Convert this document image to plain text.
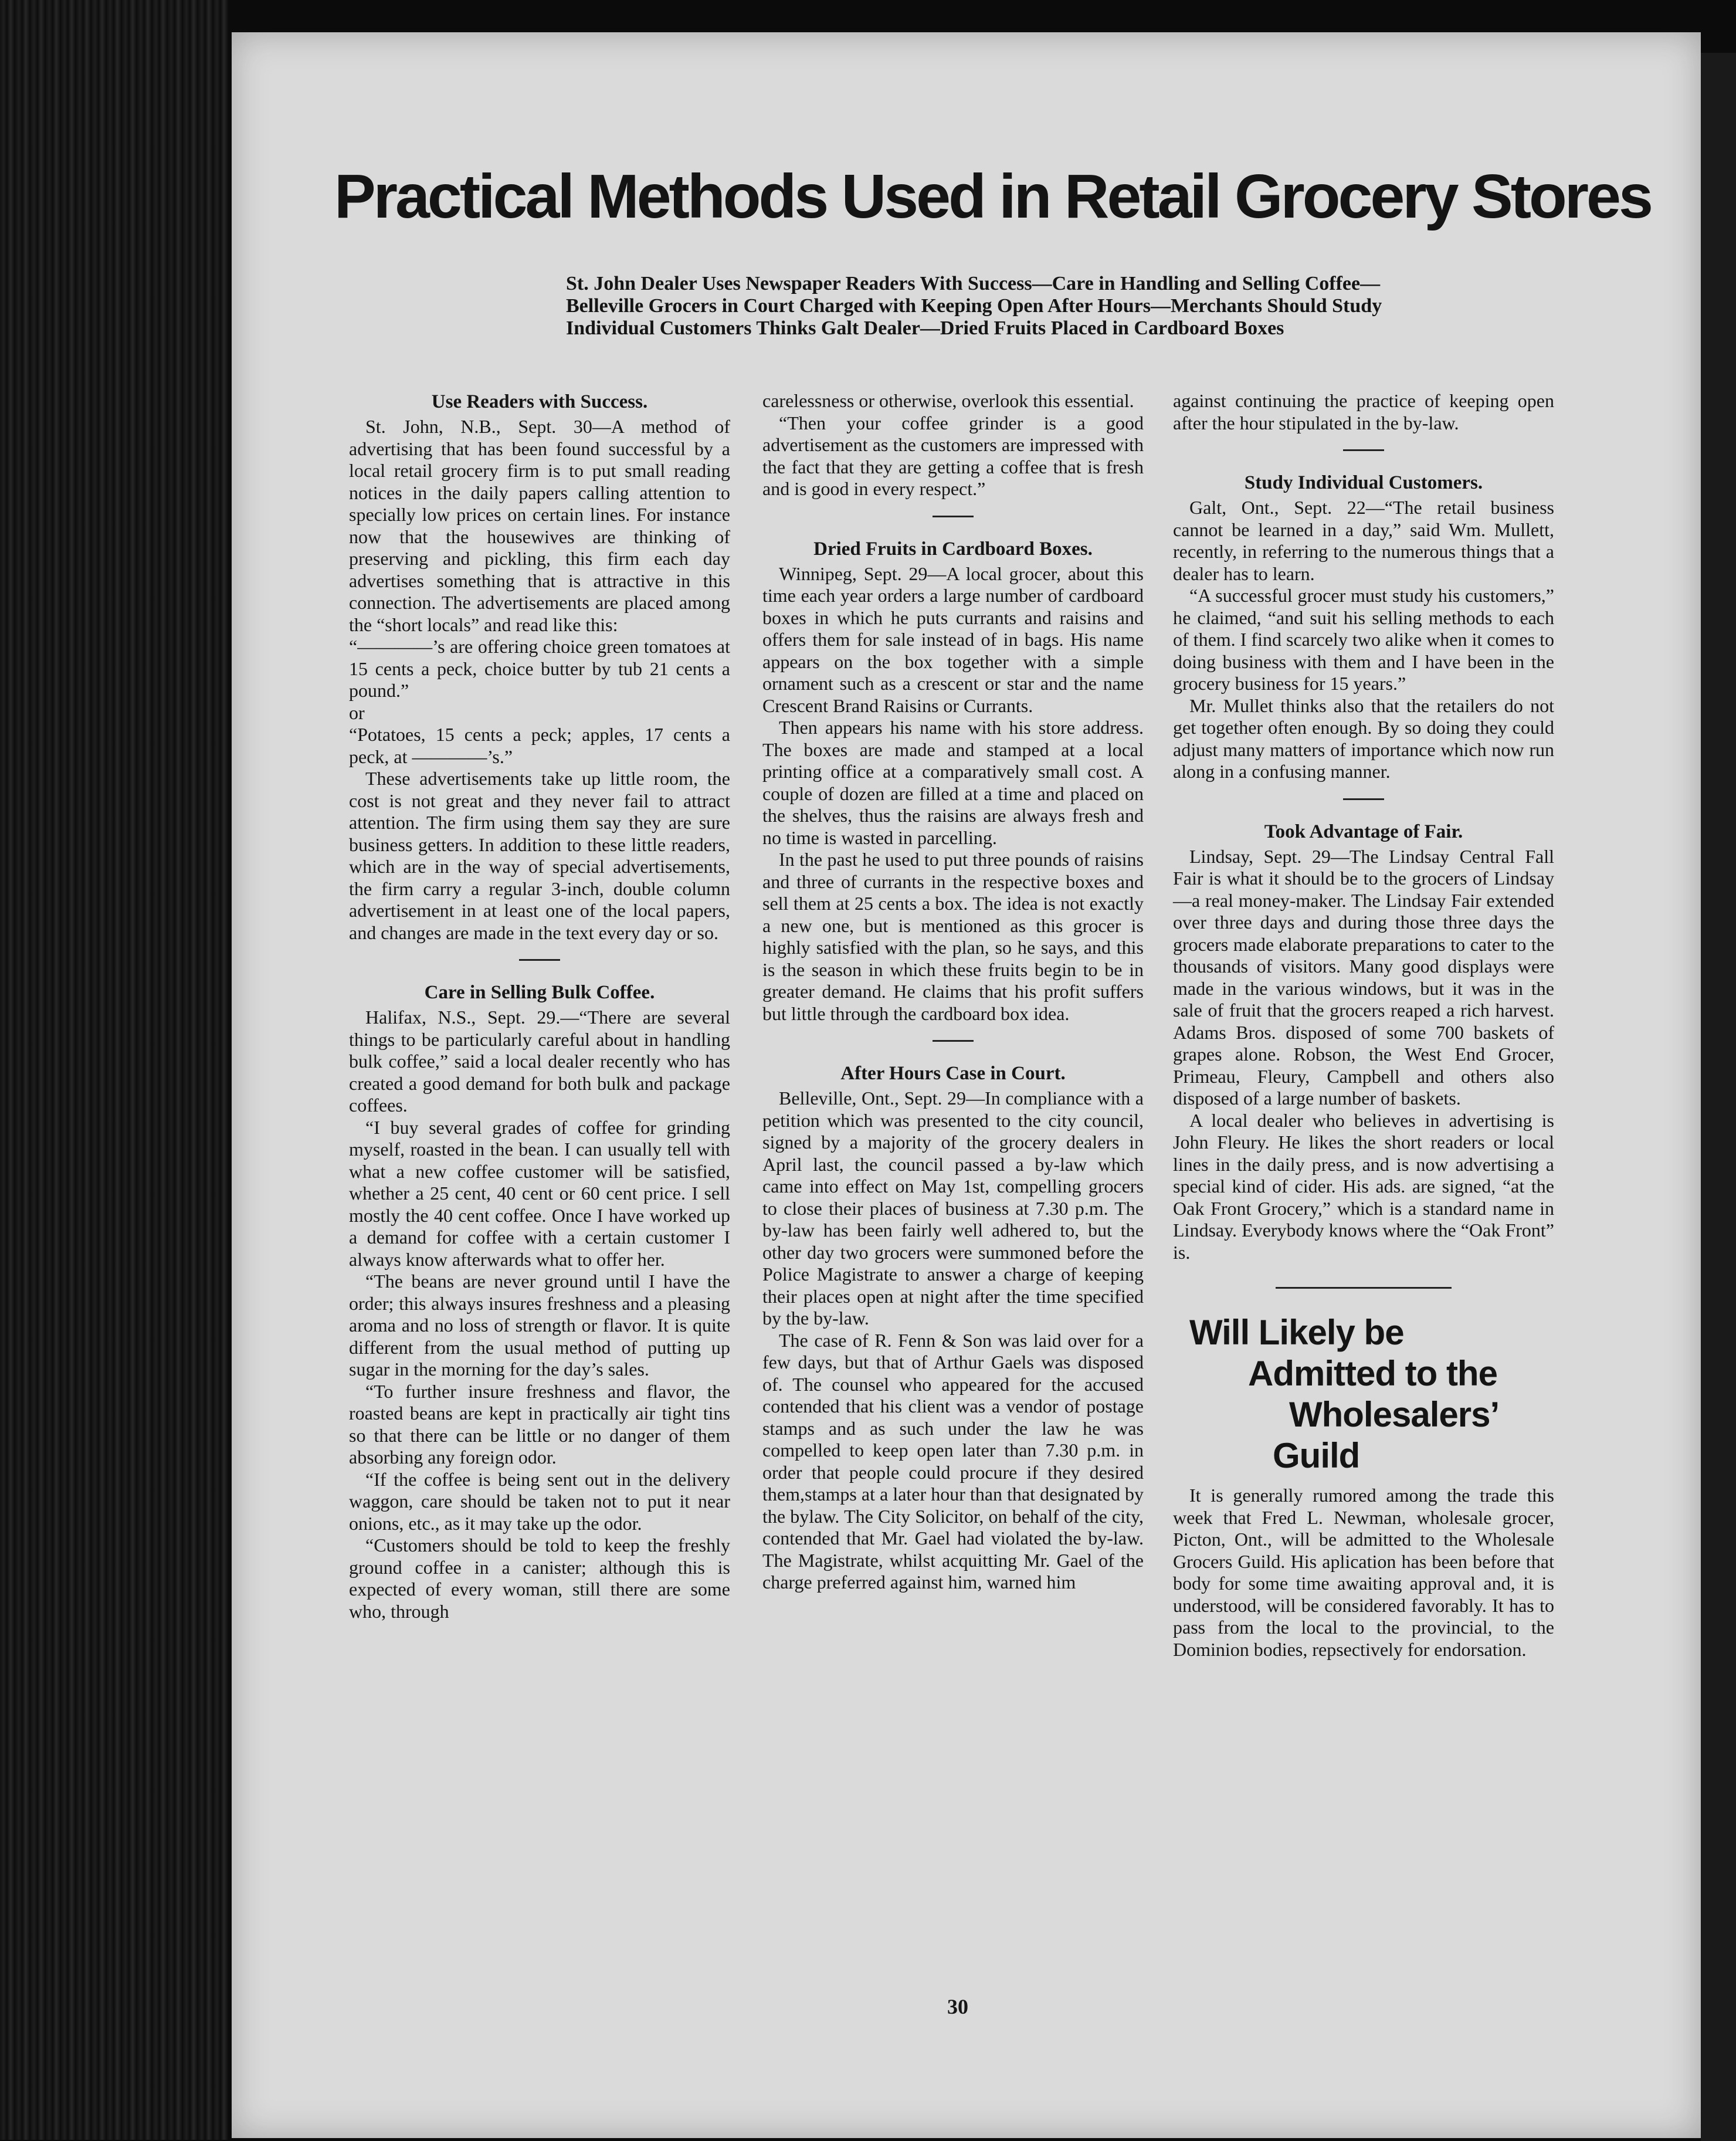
Practical Methods Used in Retail Grocery Stores

St. John Dealer Uses Newspaper Readers With Success—Care in Handling and Selling Coffee—Belleville Grocers in Court Charged with Keeping Open After Hours—Merchants Should Study Individual Customers Thinks Galt Dealer—Dried Fruits Placed in Cardboard Boxes

Use Readers with Success.

St. John, N.B., Sept. 30—A method of advertising that has been found successful by a local retail grocery firm is to put small reading notices in the daily papers calling attention to specially low prices on certain lines. For instance now that the housewives are thinking of preserving and pickling, this firm each day advertises something that is attractive in this connection. The advertisements are placed among the “short locals” and read like this:

“————’s are offering choice green tomatoes at 15 cents a peck, choice butter by tub 21 cents a pound.”

or

“Potatoes, 15 cents a peck; apples, 17 cents a peck, at ————’s.”

These advertisements take up little room, the cost is not great and they never fail to attract attention. The firm using them say they are sure business getters. In addition to these little readers, which are in the way of special advertisements, the firm carry a regular 3-inch, double column advertisement in at least one of the local papers, and changes are made in the text every day or so.

Care in Selling Bulk Coffee.

Halifax, N.S., Sept. 29.—“There are several things to be particularly careful about in handling bulk coffee,” said a local dealer recently who has created a good demand for both bulk and package coffees.

“I buy several grades of coffee for grinding myself, roasted in the bean. I can usually tell with what a new coffee customer will be satisfied, whether a 25 cent, 40 cent or 60 cent price. I sell mostly the 40 cent coffee. Once I have worked up a demand for coffee with a certain customer I always know afterwards what to offer her.

“The beans are never ground until I have the order; this always insures freshness and a pleasing aroma and no loss of strength or flavor. It is quite different from the usual method of putting up sugar in the morning for the day’s sales.

“To further insure freshness and flavor, the roasted beans are kept in practically air tight tins so that there can be little or no danger of them absorbing any foreign odor.

“If the coffee is being sent out in the delivery waggon, care should be taken not to put it near onions, etc., as it may take up the odor.

“Customers should be told to keep the freshly ground coffee in a canister; although this is expected of every woman, still there are some who, through

carelessness or otherwise, overlook this essential.

“Then your coffee grinder is a good advertisement as the customers are impressed with the fact that they are getting a coffee that is fresh and is good in every respect.”

Dried Fruits in Cardboard Boxes.

Winnipeg, Sept. 29—A local grocer, about this time each year orders a large number of cardboard boxes in which he puts currants and raisins and offers them for sale instead of in bags. His name appears on the box together with a simple ornament such as a crescent or star and the name Crescent Brand Raisins or Currants.

Then appears his name with his store address. The boxes are made and stamped at a local printing office at a comparatively small cost. A couple of dozen are filled at a time and placed on the shelves, thus the raisins are always fresh and no time is wasted in parcelling.

In the past he used to put three pounds of raisins and three of currants in the respective boxes and sell them at 25 cents a box. The idea is not exactly a new one, but is mentioned as this grocer is highly satisfied with the plan, so he says, and this is the season in which these fruits begin to be in greater demand. He claims that his profit suffers but little through the cardboard box idea.

After Hours Case in Court.

Belleville, Ont., Sept. 29—In compliance with a petition which was presented to the city council, signed by a majority of the grocery dealers in April last, the council passed a by-law which came into effect on May 1st, compelling grocers to close their places of business at 7.30 p.m. The by-law has been fairly well adhered to, but the other day two grocers were summoned before the Police Magistrate to answer a charge of keeping their places open at night after the time specified by the by-law.

The case of R. Fenn & Son was laid over for a few days, but that of Arthur Gaels was disposed of. The counsel who appeared for the accused contended that his client was a vendor of postage stamps and as such under the law he was compelled to keep open later than 7.30 p.m. in order that people could procure if they desired them,stamps at a later hour than that designated by the bylaw. The City Solicitor, on behalf of the city, contended that Mr. Gael had violated the by-law. The Magistrate, whilst acquitting Mr. Gael of the charge preferred against him, warned him

against continuing the practice of keeping open after the hour stipulated in the by-law.

Study Individual Customers.

Galt, Ont., Sept. 22—“The retail business cannot be learned in a day,” said Wm. Mullett, recently, in referring to the numerous things that a dealer has to learn.

“A successful grocer must study his customers,” he claimed, “and suit his selling methods to each of them. I find scarcely two alike when it comes to doing business with them and I have been in the grocery business for 15 years.”

Mr. Mullet thinks also that the retailers do not get together often enough. By so doing they could adjust many matters of importance which now run along in a confusing manner.

Took Advantage of Fair.

Lindsay, Sept. 29—The Lindsay Central Fall Fair is what it should be to the grocers of Lindsay—a real money-maker. The Lindsay Fair extended over three days and during those three days the grocers made elaborate preparations to cater to the thousands of visitors. Many good displays were made in the various windows, but it was in the sale of fruit that the grocers reaped a rich harvest. Adams Bros. disposed of some 700 baskets of grapes alone. Robson, the West End Grocer, Primeau, Fleury, Campbell and others also disposed of a large number of baskets.

A local dealer who believes in advertising is John Fleury. He likes the short readers or local lines in the daily press, and is now advertising a special kind of cider. His ads. are signed, “at the Oak Front Grocery,” which is a standard name in Lindsay. Everybody knows where the “Oak Front” is.

Will Likely be

Admitted to the

Wholesalers’ Guild

It is generally rumored among the trade this week that Fred L. Newman, wholesale grocer, Picton, Ont., will be admitted to the Wholesale Grocers Guild. His aplication has been before that body for some time awaiting approval and, it is understood, will be considered favorably. It has to pass from the local to the provincial, to the Dominion bodies, repsectively for endorsation.

30
